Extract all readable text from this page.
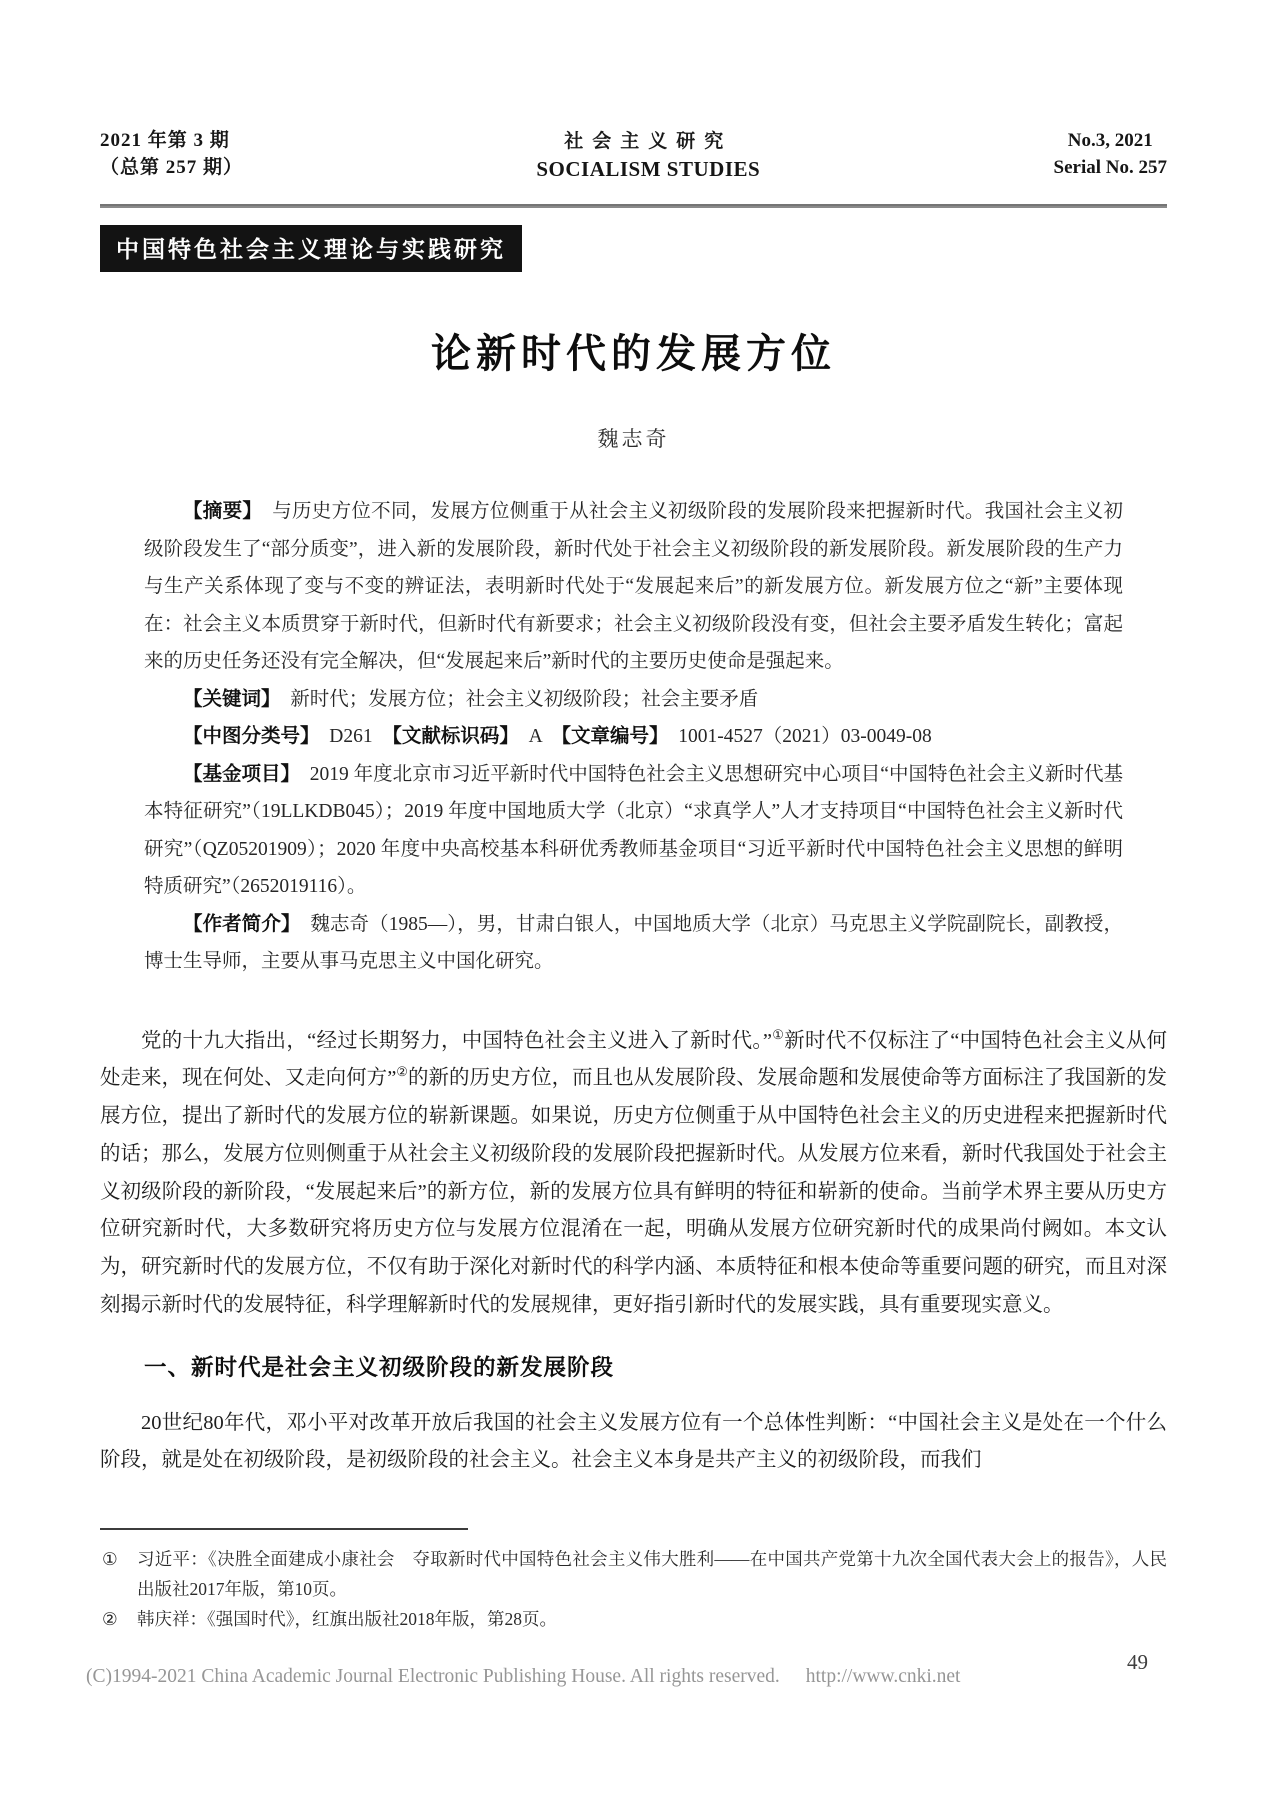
2021 年第 3 期
（总第 257 期）
社会主义研究
SOCIALISM STUDIES
No.3, 2021
Serial No. 257
中国特色社会主义理论与实践研究
论新时代的发展方位
魏志奇

【摘要】　 与历史方位不同，发展方位侧重于从社会主义初级阶段的发展阶段来把握新时代。我国社会主义初级阶段发生了“部分质变”，进入新的发展阶段，新时代处于社会主义初级阶段的新发展阶段。新发展阶段的生产力与生产关系体现了变与不变的辨证法，表明新时代处于“发展起来后”的新发展方位。新发展方位之“新”主要体现在：社会主义本质贯穿于新时代，但新时代有新要求；社会主义初级阶段没有变，但社会主要矛盾发生转化；富起来的历史任务还没有完全解决，但“发展起来后”新时代的主要历史使命是强起来。

【关键词】　 新时代；发展方位；社会主义初级阶段；社会主要矛盾

【中图分类号】　 D261　 【文献标识码】　 A　 【文章编号】　 1001-4527（2021）03-0049-08

【基金项目】　 2019 年度北京市习近平新时代中国特色社会主义思想研究中心项目“中国特色社会主义新时代基本特征研究”（19LLKDB045）；2019 年度中国地质大学（北京）“求真学人”人才支持项目“中国特色社会主义新时代研究”（QZ05201909）；2020 年度中央高校基本科研优秀教师基金项目“习近平新时代中国特色社会主义思想的鲜明特质研究”（2652019116）。

【作者简介】　 魏志奇（1985—），男，甘肃白银人，中国地质大学（北京）马克思主义学院副院长，副教授，博士生导师，主要从事马克思主义中国化研究。

党的十九大指出，“经过长期努力，中国特色社会主义进入了新时代。”①新时代不仅标注了“中国特色社会主义从何处走来，现在何处、又走向何方”②的新的历史方位，而且也从发展阶段、发展命题和发展使命等方面标注了我国新的发展方位，提出了新时代的发展方位的崭新课题。如果说，历史方位侧重于从中国特色社会主义的历史进程来把握新时代的话；那么，发展方位则侧重于从社会主义初级阶段的发展阶段把握新时代。从发展方位来看，新时代我国处于社会主义初级阶段的新阶段，“发展起来后”的新方位，新的发展方位具有鲜明的特征和崭新的使命。当前学术界主要从历史方位研究新时代，大多数研究将历史方位与发展方位混淆在一起，明确从发展方位研究新时代的成果尚付阙如。本文认为，研究新时代的发展方位，不仅有助于深化对新时代的科学内涵、本质特征和根本使命等重要问题的研究，而且对深刻揭示新时代的发展特征，科学理解新时代的发展规律，更好指引新时代的发展实践，具有重要现实意义。

一、新时代是社会主义初级阶段的新发展阶段

20世纪80年代，邓小平对改革开放后我国的社会主义发展方位有一个总体性判断：“中国社会主义是处在一个什么阶段，就是处在初级阶段，是初级阶段的社会主义。社会主义本身是共产主义的初级阶段，而我们

① 习近平：《决胜全面建成小康社会　夺取新时代中国特色社会主义伟大胜利——在中国共产党第十九次全国代表大会上的报告》，人民出版社2017年版，第10页。
② 韩庆祥：《强国时代》，红旗出版社2018年版，第28页。
(C)1994-2021 China Academic Journal Electronic Publishing House. All rights reserved. http://www.cnki.net
49
